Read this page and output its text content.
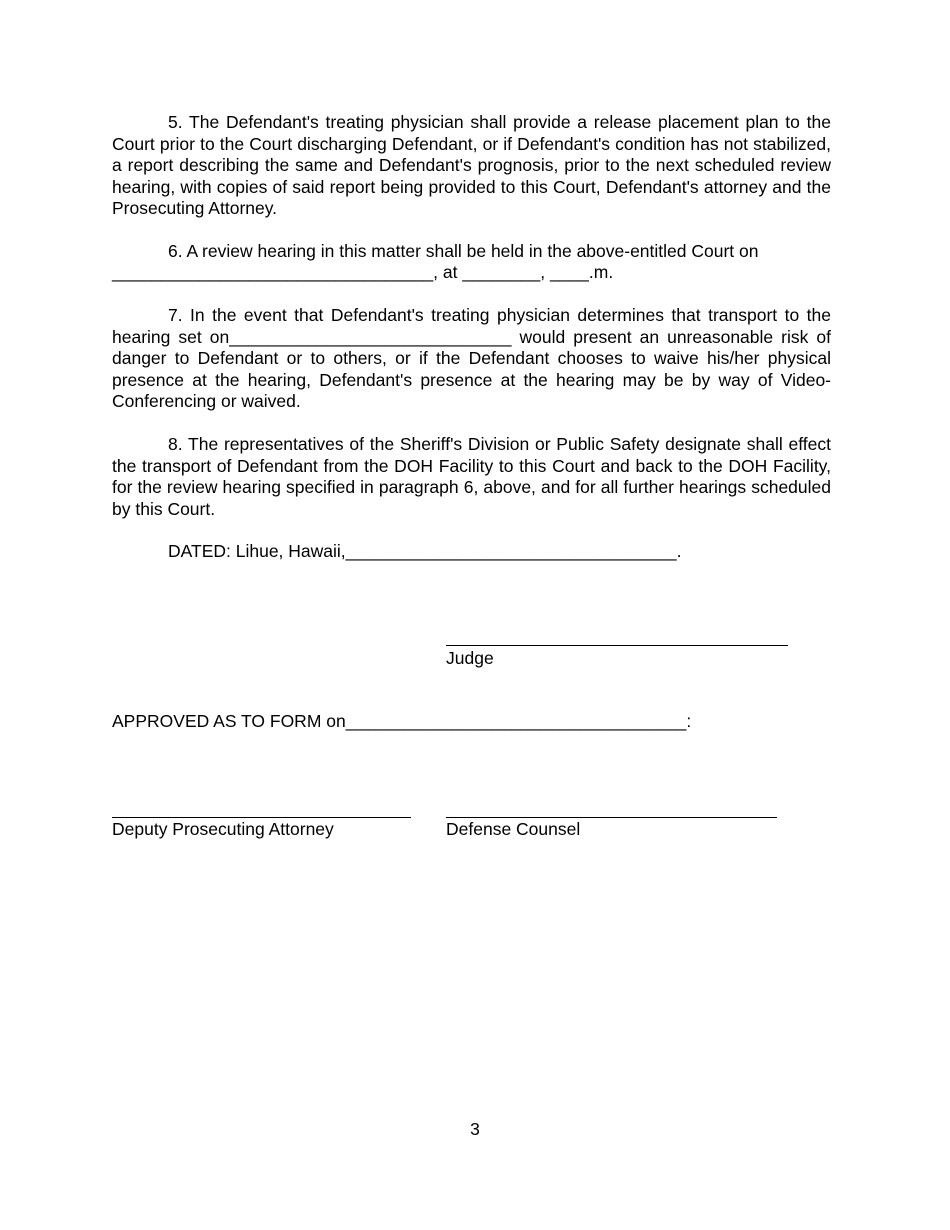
5. The Defendant's treating physician shall provide a release placement plan to the Court prior to the Court discharging Defendant, or if Defendant's condition has not stabilized, a report describing the same and Defendant's prognosis, prior to the next scheduled review hearing, with copies of said report being provided to this Court, Defendant's attorney and the Prosecuting Attorney.

6. A review hearing in this matter shall be held in the above-entitled Court on

_________________________________, at ________, ____.m.

7. In the event that Defendant's treating physician determines that transport to the hearing set on_____________________________ would present an unreasonable risk of danger to Defendant or to others, or if the Defendant chooses to waive his/her physical presence at the hearing, Defendant's presence at the hearing may be by way of Video-Conferencing or waived.

8. The representatives of the Sheriff's Division or Public Safety designate shall effect the transport of Defendant from the DOH Facility to this Court and back to the DOH Facility, for the review hearing specified in paragraph 6, above, and for all further hearings scheduled by this Court.

DATED: Lihue, Hawaii,__________________________________.

Judge

APPROVED AS TO FORM on___________________________________:

Deputy Prosecuting Attorney	Defense Counsel

3
